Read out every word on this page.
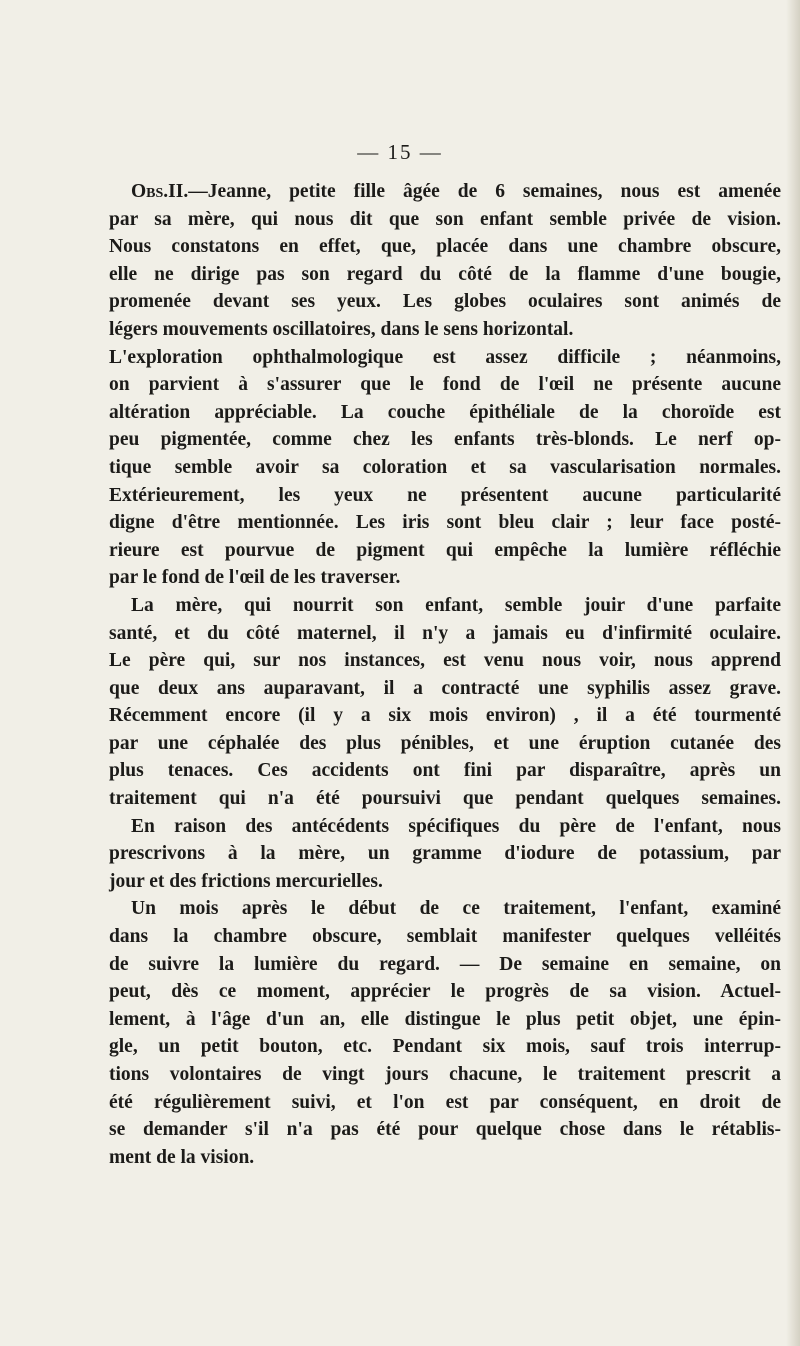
— 15 —

Obs.II.—Jeanne, petite fille âgée de 6 semaines, nous est amenée

par sa mère, qui nous dit que son enfant semble privée de vision.

Nous constatons en effet, que, placée dans une chambre obscure,

elle ne dirige pas son regard du côté de la flamme d'une bougie,

promenée devant ses yeux. Les globes oculaires sont animés de

légers mouvements oscillatoires, dans le sens horizontal.

L'exploration ophthalmologique est assez difficile ; néanmoins,

on parvient à s'assurer que le fond de l'œil ne présente aucune

altération appréciable. La couche épithéliale de la choroïde est

peu pigmentée, comme chez les enfants très-blonds. Le nerf op-

tique semble avoir sa coloration et sa vascularisation normales.

Extérieurement, les yeux ne présentent aucune particularité

digne d'être mentionnée. Les iris sont bleu clair ; leur face posté-

rieure est pourvue de pigment qui empêche la lumière réfléchie

par le fond de l'œil de les traverser.

La mère, qui nourrit son enfant, semble jouir d'une parfaite

santé, et du côté maternel, il n'y a jamais eu d'infirmité oculaire.

Le père qui, sur nos instances, est venu nous voir, nous apprend

que deux ans auparavant, il a contracté une syphilis assez grave.

Récemment encore (il y a six mois environ) , il a été tourmenté

par une céphalée des plus pénibles, et une éruption cutanée des

plus tenaces. Ces accidents ont fini par disparaître, après un

traitement qui n'a été poursuivi que pendant quelques semaines.

En raison des antécédents spécifiques du père de l'enfant, nous

prescrivons à la mère, un gramme d'iodure de potassium, par

jour et des frictions mercurielles.

Un mois après le début de ce traitement, l'enfant, examiné

dans la chambre obscure, semblait manifester quelques velléités

de suivre la lumière du regard. — De semaine en semaine, on

peut, dès ce moment, apprécier le progrès de sa vision. Actuel-

lement, à l'âge d'un an, elle distingue le plus petit objet, une épin-

gle, un petit bouton, etc. Pendant six mois, sauf trois interrup-

tions volontaires de vingt jours chacune, le traitement prescrit a

été régulièrement suivi, et l'on est par conséquent, en droit de

se demander s'il n'a pas été pour quelque chose dans le rétablis-

ment de la vision.
